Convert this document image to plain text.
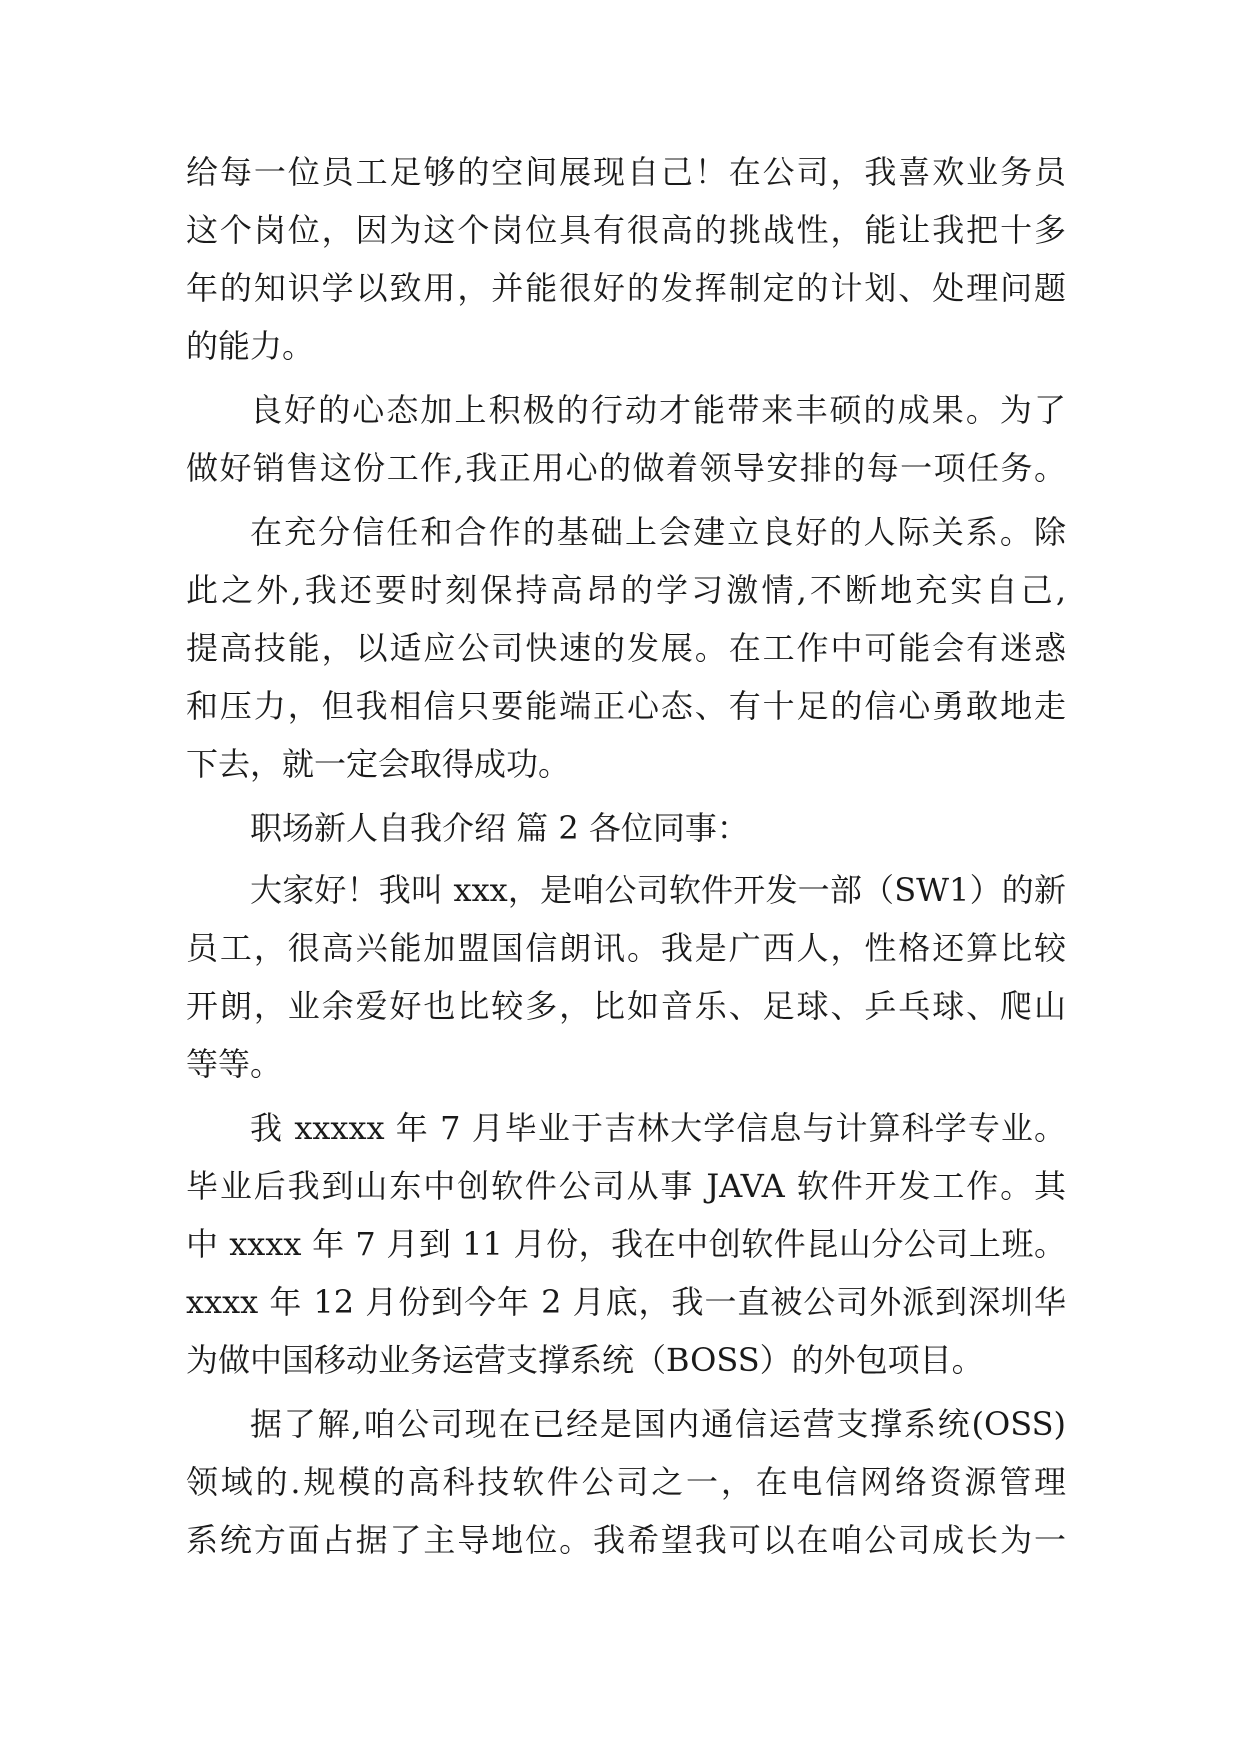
给每一位员工足够的空间展现自己！在公司，我喜欢业务员
这个岗位，因为这个岗位具有很高的挑战性，能让我把十多
年的知识学以致用，并能很好的发挥制定的计划、处理问题
的能力。
良好的心态加上积极的行动才能带来丰硕的成果。为了
做好销售这份工作,我正用心的做着领导安排的每一项任务。
在充分信任和合作的基础上会建立良好的人际关系。除
此之外,我还要时刻保持高昂的学习激情,不断地充实自己,
提高技能，以适应公司快速的发展。在工作中可能会有迷惑
和压力，但我相信只要能端正心态、有十足的信心勇敢地走
下去，就一定会取得成功。
职场新人自我介绍 篇 2 各位同事：
大家好！我叫 xxx，是咱公司软件开发一部（SW1）的新
员工，很高兴能加盟国信朗讯。我是广西人，性格还算比较
开朗，业余爱好也比较多，比如音乐、足球、乒乓球、爬山
等等。
我 xxxxx 年 7 月毕业于吉林大学信息与计算科学专业。
毕业后我到山东中创软件公司从事 JAVA 软件开发工作。其
中 xxxx 年 7 月到 11 月份，我在中创软件昆山分公司上班。
xxxx 年 12 月份到今年 2 月底，我一直被公司外派到深圳华
为做中国移动业务运营支撑系统（BOSS）的外包项目。
据了解,咱公司现在已经是国内通信运营支撑系统(OSS)
领域的.规模的高科技软件公司之一，在电信网络资源管理
系统方面占据了主导地位。我希望我可以在咱公司成长为一
